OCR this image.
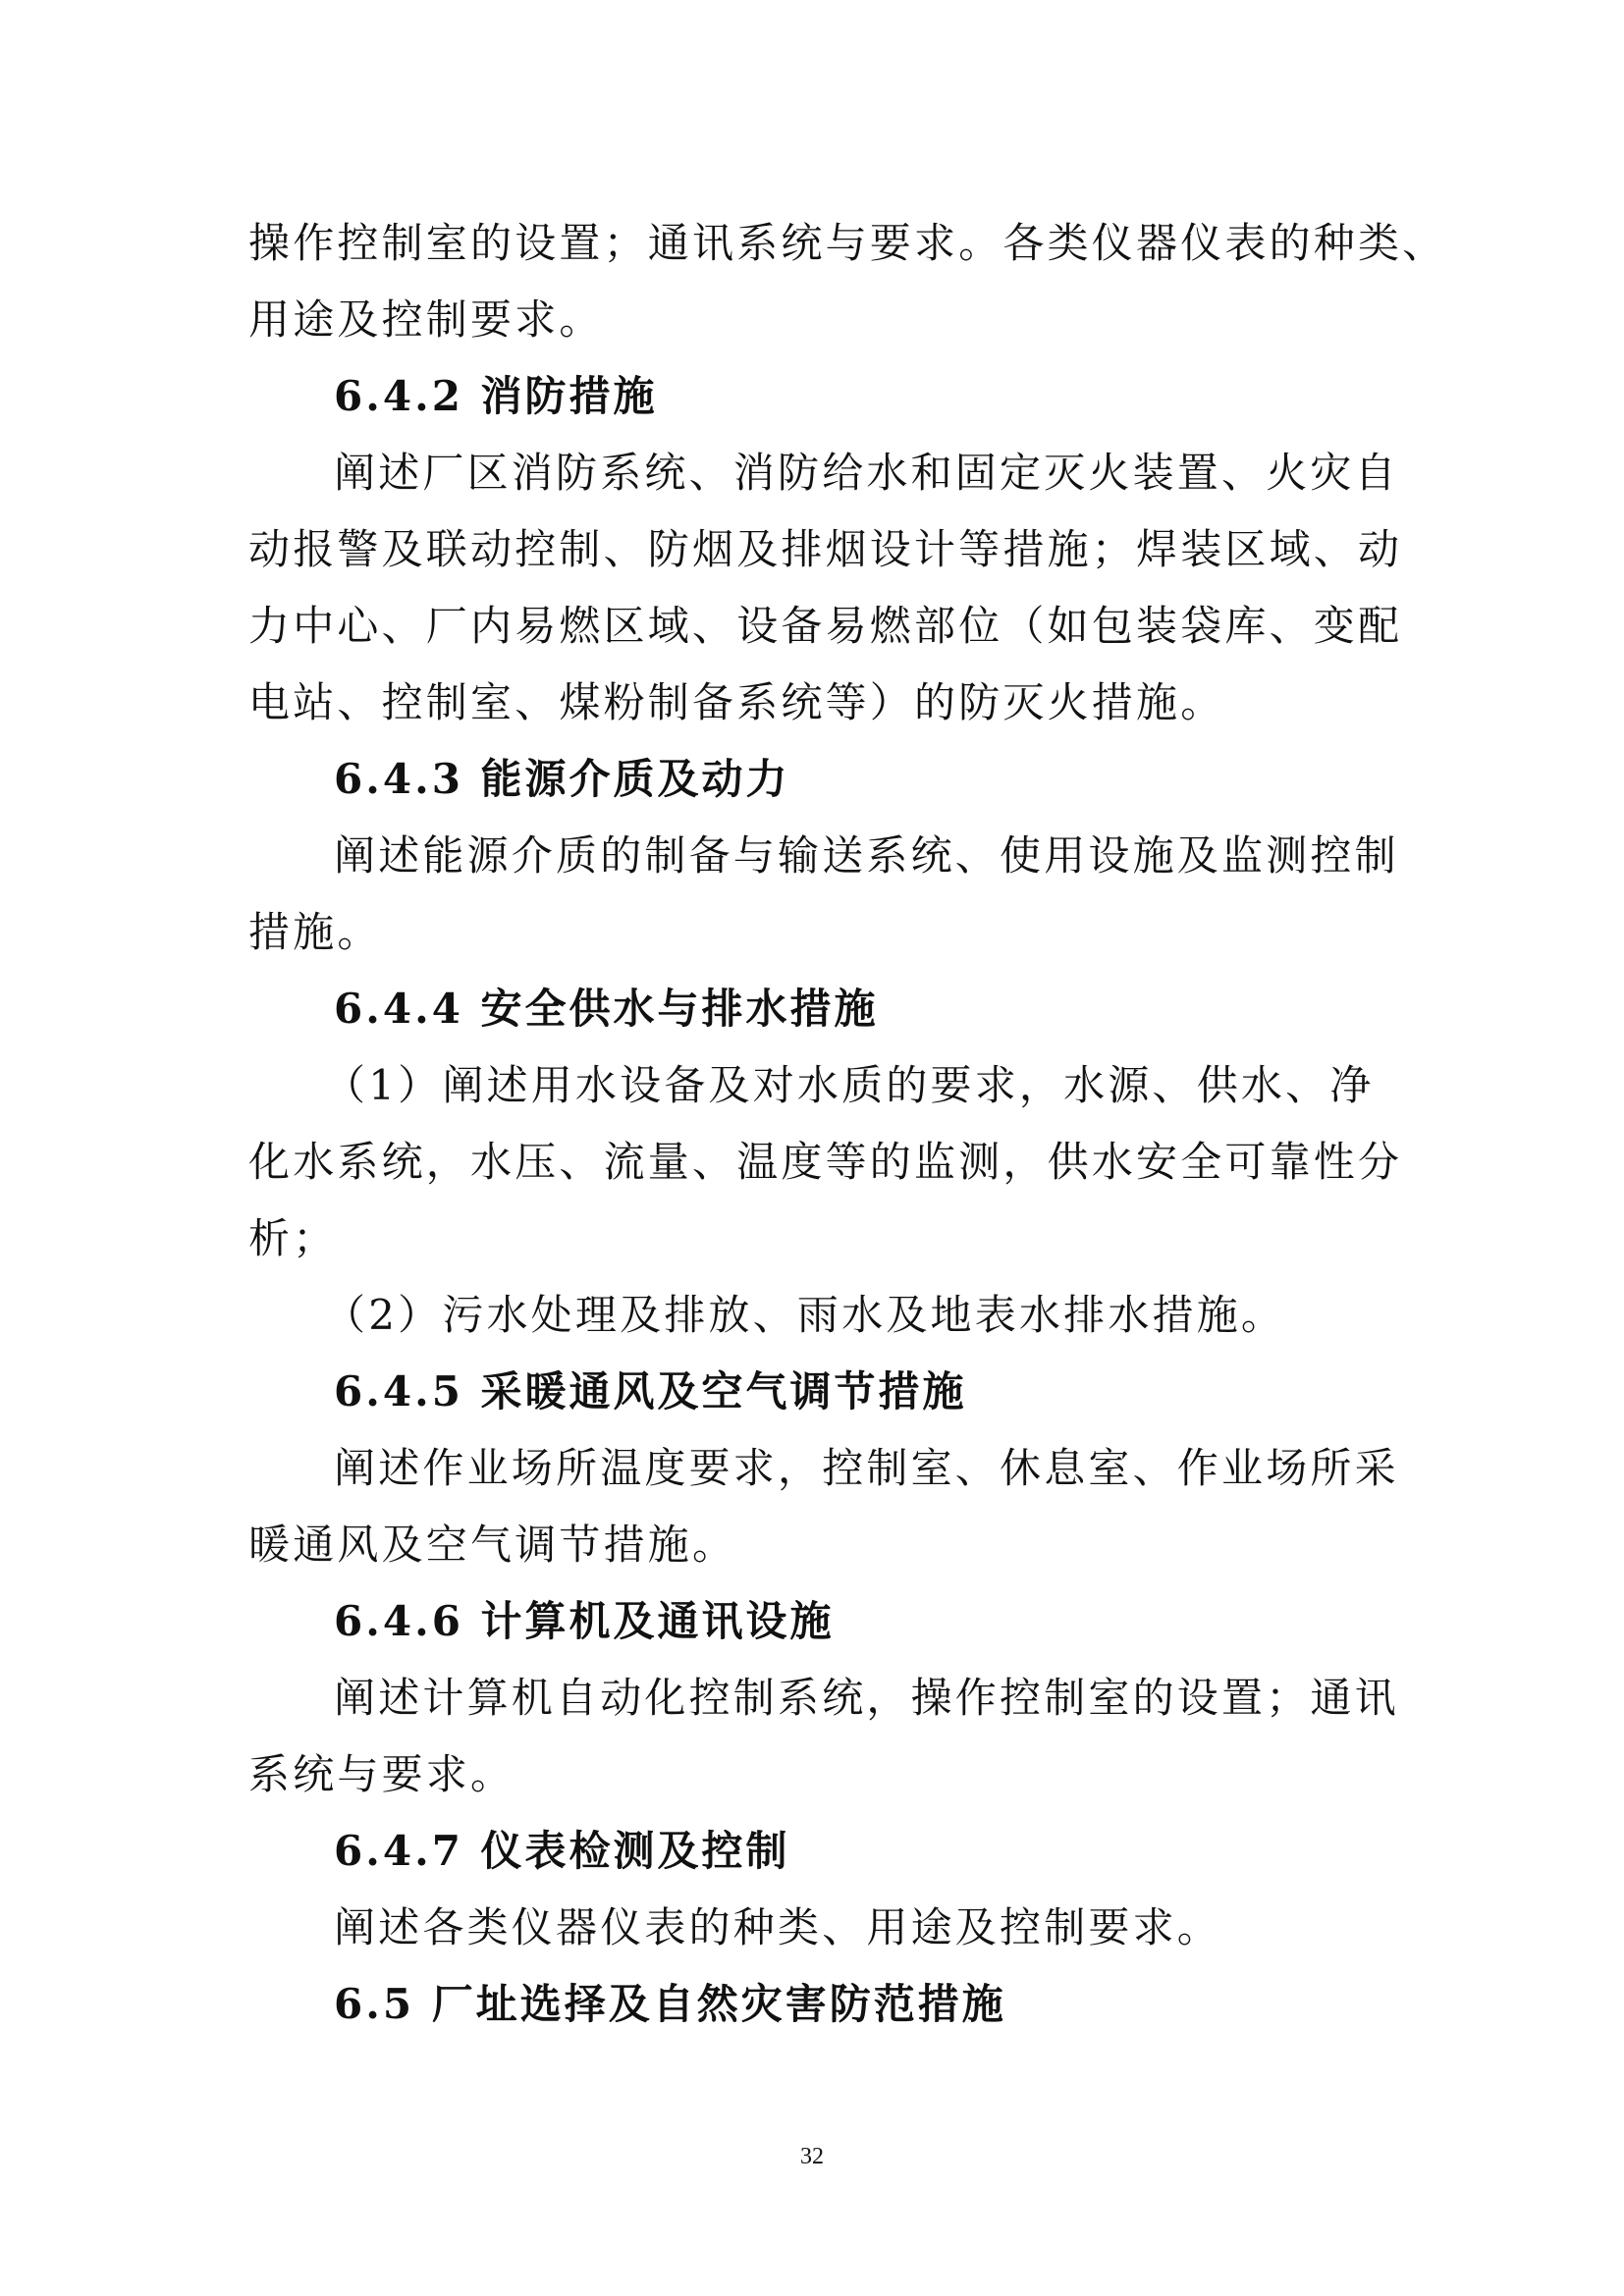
操作控制室的设置；通讯系统与要求。各类仪器仪表的种类、
用途及控制要求。
6.4.2 消防措施
阐述厂区消防系统、消防给水和固定灭火装置、火灾自
动报警及联动控制、防烟及排烟设计等措施；焊装区域、动
力中心、厂内易燃区域、设备易燃部位（如包装袋库、变配
电站、控制室、煤粉制备系统等）的防灭火措施。
6.4.3 能源介质及动力
阐述能源介质的制备与输送系统、使用设施及监测控制
措施。
6.4.4 安全供水与排水措施
（1）阐述用水设备及对水质的要求，水源、供水、净
化水系统，水压、流量、温度等的监测，供水安全可靠性分
析；
（2）污水处理及排放、雨水及地表水排水措施。
6.4.5 采暖通风及空气调节措施
阐述作业场所温度要求，控制室、休息室、作业场所采
暖通风及空气调节措施。
6.4.6 计算机及通讯设施
阐述计算机自动化控制系统，操作控制室的设置；通讯
系统与要求。
6.4.7 仪表检测及控制
阐述各类仪器仪表的种类、用途及控制要求。
6.5 厂址选择及自然灾害防范措施
32
